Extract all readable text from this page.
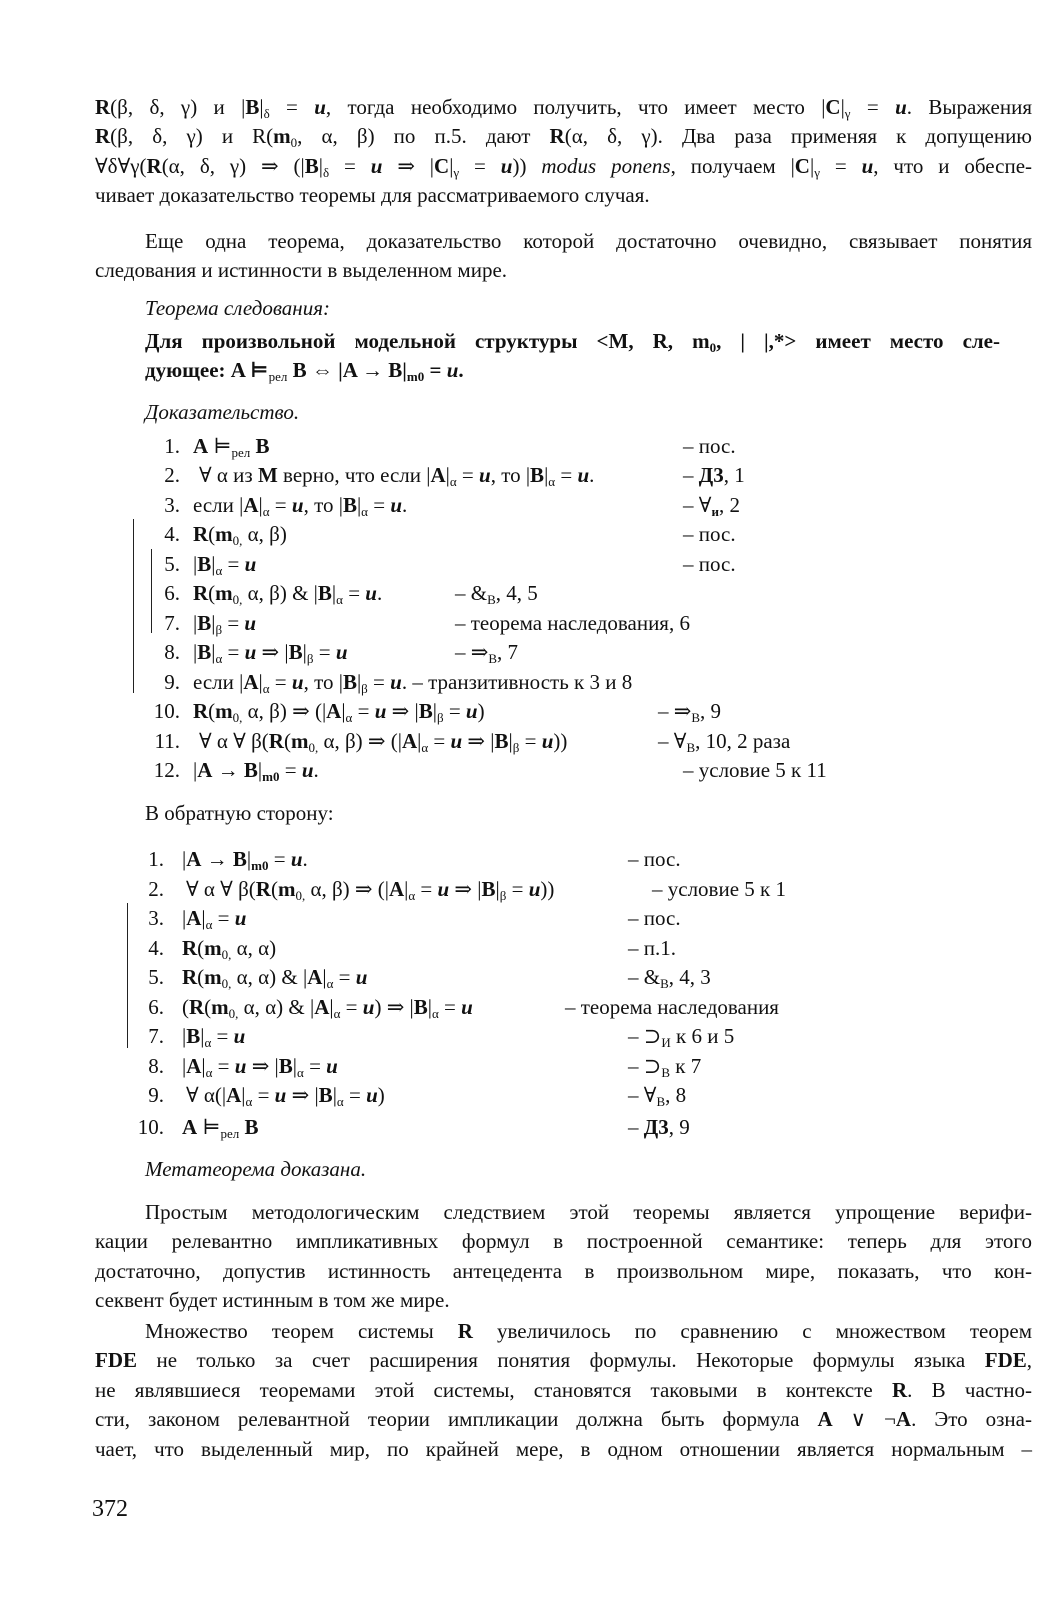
R(β, δ, γ) и $|B|_\delta = u$, тогда необходимо получить, что имеет место $|C|_\gamma = u$. Выражения
R(β, δ, γ) и $R(m_0$, α, β) по п.5. дают R(α, δ, γ). Два раза применяя к допущению
∀δ∀γ(R(α, δ, γ) ⇒ ($|B|_\delta = u$ ⇒ $|C|_\gamma = u$)) modus ponens, получаем $|C|_\gamma = u$, что и обеспе-
чивает доказательство теоремы для рассматриваемого случая.
Еще одна теорема, доказательство которой достаточно очевидно, связывает понятия
следования и истинности в выделенном мире.
Теорема следования:
Для произвольной модельной структуры <M, R, $m_0$, | |,*> имеет место сле-
дующее: A $⊨_{рел}$ B ⇔ $|A \to B|_{m0} = u$.
Доказательство.
1. A $⊨_{рел}$ B	– пос.
2. ∀ α из M верно, что если $|A|_\alpha = u$, то $|B|_\alpha = u$.	– Д3, 1
3. если $|A|_\alpha = u$, то $|B|_\alpha = u$.	– $\forall_и$, 2
4. $R(m_{0,}$ α, β)	– пос.
5. $|B|_\alpha = u$	– пос.
6. $R(m_{0,}$ α, β) & $|B|_\alpha = u$.	– $\&_В$, 4, 5
7. $|B|_\beta = u$	– теорема наследования, 6
8. $|B|_\alpha = u$ ⇒ $|B|_\beta = u$	– $\Rightarrow_В$, 7
9. если $|A|_\alpha = u$, то $|B|_\beta = u$. – транзитивность к 3 и 8
10. $R(m_{0,}$ α, β) ⇒ ($|A|_\alpha = u$ ⇒ $|B|_\beta = u$)	– $\Rightarrow_В$, 9
11. ∀ α ∀ $\beta(R(m_{0,}$ α, β) ⇒ ($|A|_\alpha = u$ ⇒ $|B|_\beta = u$))	– $\forall_В$, 10, 2 раза
12. $|A \to B|_{m0} = u$.	– условие 5 к 11
В обратную сторону:
1. $|A \to B|_{m0} = u$.	– пос.
2. ∀ α ∀ $\beta(R(m_{0,}$ α, β) ⇒ ($|A|_\alpha = u$ ⇒ $|B|_\beta = u$))	– условие 5 к 1
3. $|A|_\alpha = u$	– пос.
4. $R(m_{0,}$ α, α)	– п.1.
5. $R(m_{0,}$ α, α) & $|A|_\alpha = u$	– $\&_В$, 4, 3
6. ($R(m_{0,}$ α, α) & $|A|_\alpha = u$) ⇒ $|B|_\alpha = u$	– теорема наследования
7. $|B|_\alpha = u$	– $⊃_И$ к 6 и 5
8. $|A|_\alpha = u$ ⇒ $|B|_\alpha = u$	– $⊃_В$ к 7
9. ∀ $\alpha(|A|_\alpha = u$ ⇒ $|B|_\alpha = u$)	– $\forall_В$, 8
10. A $⊨_{рел}$ B	– Д3, 9
Метатеорема доказана.
Простым методологическим следствием этой теоремы является упрощение верифи-
кации релевантно импликативных формул в построенной семантике: теперь для этого
достаточно, допустив истинность антецедента в произвольном мире, показать, что кон-
секвент будет истинным в том же мире.
Множество теорем системы R увеличилось по сравнению с множеством теорем
FDE не только за счет расширения понятия формулы. Некоторые формулы языка FDE,
не являвшиеся теоремами этой системы, становятся таковыми в контексте R. В частно-
сти, законом релевантной теории импликации должна быть формула A ∨ ¬A. Это озна-
чает, что выделенный мир, по крайней мере, в одном отношении является нормальным –
372
